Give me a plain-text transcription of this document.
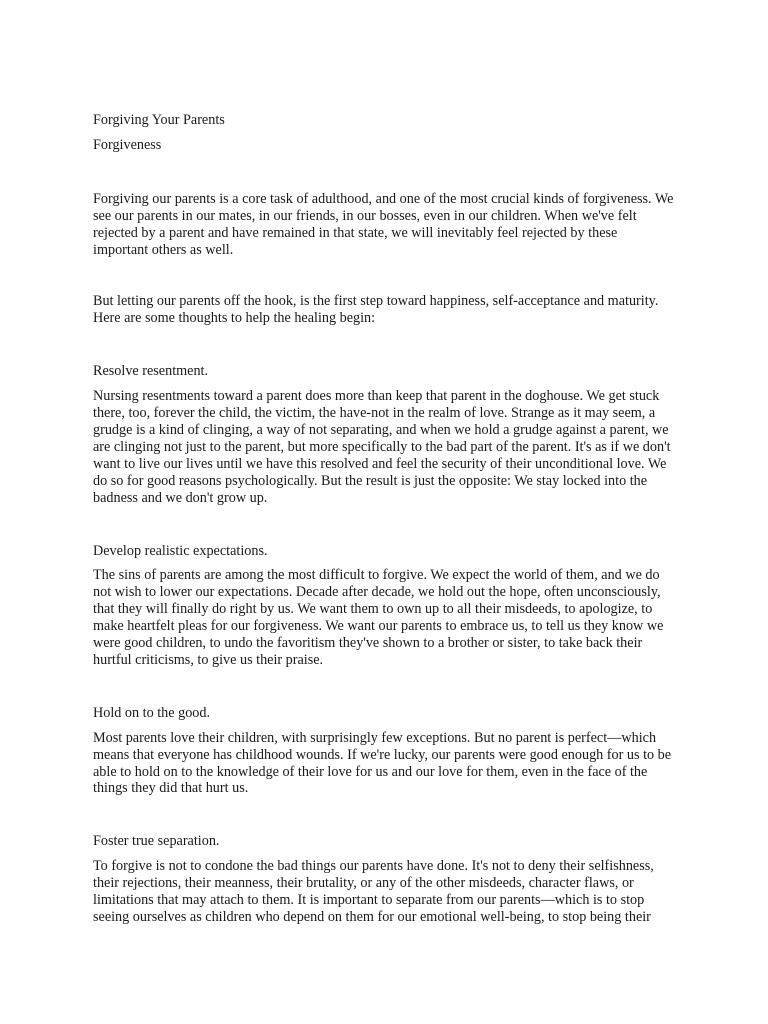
Forgiving Your Parents
Forgiveness
Forgiving our parents is a core task of adulthood, and one of the most crucial kinds of forgiveness. We
see our parents in our mates, in our friends, in our bosses, even in our children. When we've felt
rejected by a parent and have remained in that state, we will inevitably feel rejected by these
important others as well.
But letting our parents off the hook, is the first step toward happiness, self-acceptance and maturity.
Here are some thoughts to help the healing begin:
Resolve resentment.
Nursing resentments toward a parent does more than keep that parent in the doghouse. We get stuck
there, too, forever the child, the victim, the have-not in the realm of love. Strange as it may seem, a
grudge is a kind of clinging, a way of not separating, and when we hold a grudge against a parent, we
are clinging not just to the parent, but more specifically to the bad part of the parent. It's as if we don't
want to live our lives until we have this resolved and feel the security of their unconditional love. We
do so for good reasons psychologically. But the result is just the opposite: We stay locked into the
badness and we don't grow up.
Develop realistic expectations.
The sins of parents are among the most difficult to forgive. We expect the world of them, and we do
not wish to lower our expectations. Decade after decade, we hold out the hope, often unconsciously,
that they will finally do right by us. We want them to own up to all their misdeeds, to apologize, to
make heartfelt pleas for our forgiveness. We want our parents to embrace us, to tell us they know we
were good children, to undo the favoritism they've shown to a brother or sister, to take back their
hurtful criticisms, to give us their praise.
Hold on to the good.
Most parents love their children, with surprisingly few exceptions. But no parent is perfect—which
means that everyone has childhood wounds. If we're lucky, our parents were good enough for us to be
able to hold on to the knowledge of their love for us and our love for them, even in the face of the
things they did that hurt us.
Foster true separation.
To forgive is not to condone the bad things our parents have done. It's not to deny their selfishness,
their rejections, their meanness, their brutality, or any of the other misdeeds, character flaws, or
limitations that may attach to them. It is important to separate from our parents—which is to stop
seeing ourselves as children who depend on them for our emotional well-being, to stop being their
